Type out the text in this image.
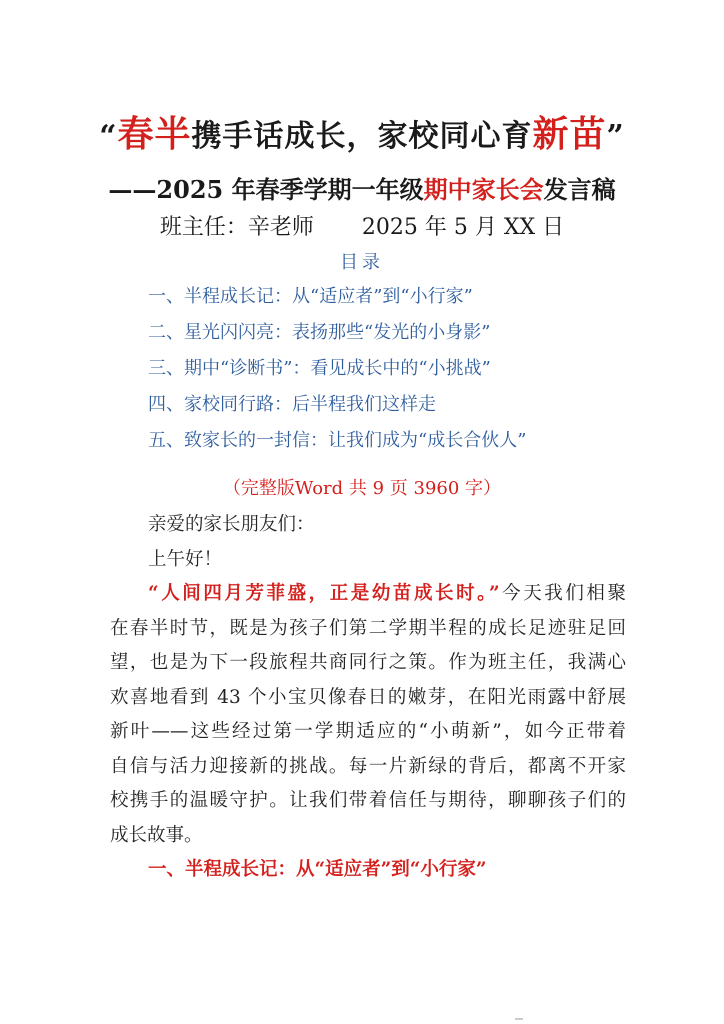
“春半携手话成长，家校同心育新苗”
——2025 年春季学期一年级期中家长会发言稿
班主任：辛老师 2025 年 5 月 XX 日
目录
一、半程成长记：从“适应者”到“小行家”
二、星光闪闪亮：表扬那些“发光的小身影”
三、期中“诊断书”：看见成长中的“小挑战”
四、家校同行路：后半程我们这样走
五、致家长的一封信：让我们成为“成长合伙人”
（完整版Word 共 9 页 3960 字）
亲爱的家长朋友们：
上午好！
“人间四月芳菲盛，正是幼苗成长时。”今天我们相聚
在春半时节，既是为孩子们第二学期半程的成长足迹驻足回
望，也是为下一段旅程共商同行之策。作为班主任，我满心
欢喜地看到 43 个小宝贝像春日的嫩芽，在阳光雨露中舒展
新叶——这些经过第一学期适应的“小萌新”，如今正带着
自信与活力迎接新的挑战。每一片新绿的背后，都离不开家
校携手的温暖守护。让我们带着信任与期待，聊聊孩子们的
成长故事。
一、半程成长记：从“适应者”到“小行家”
